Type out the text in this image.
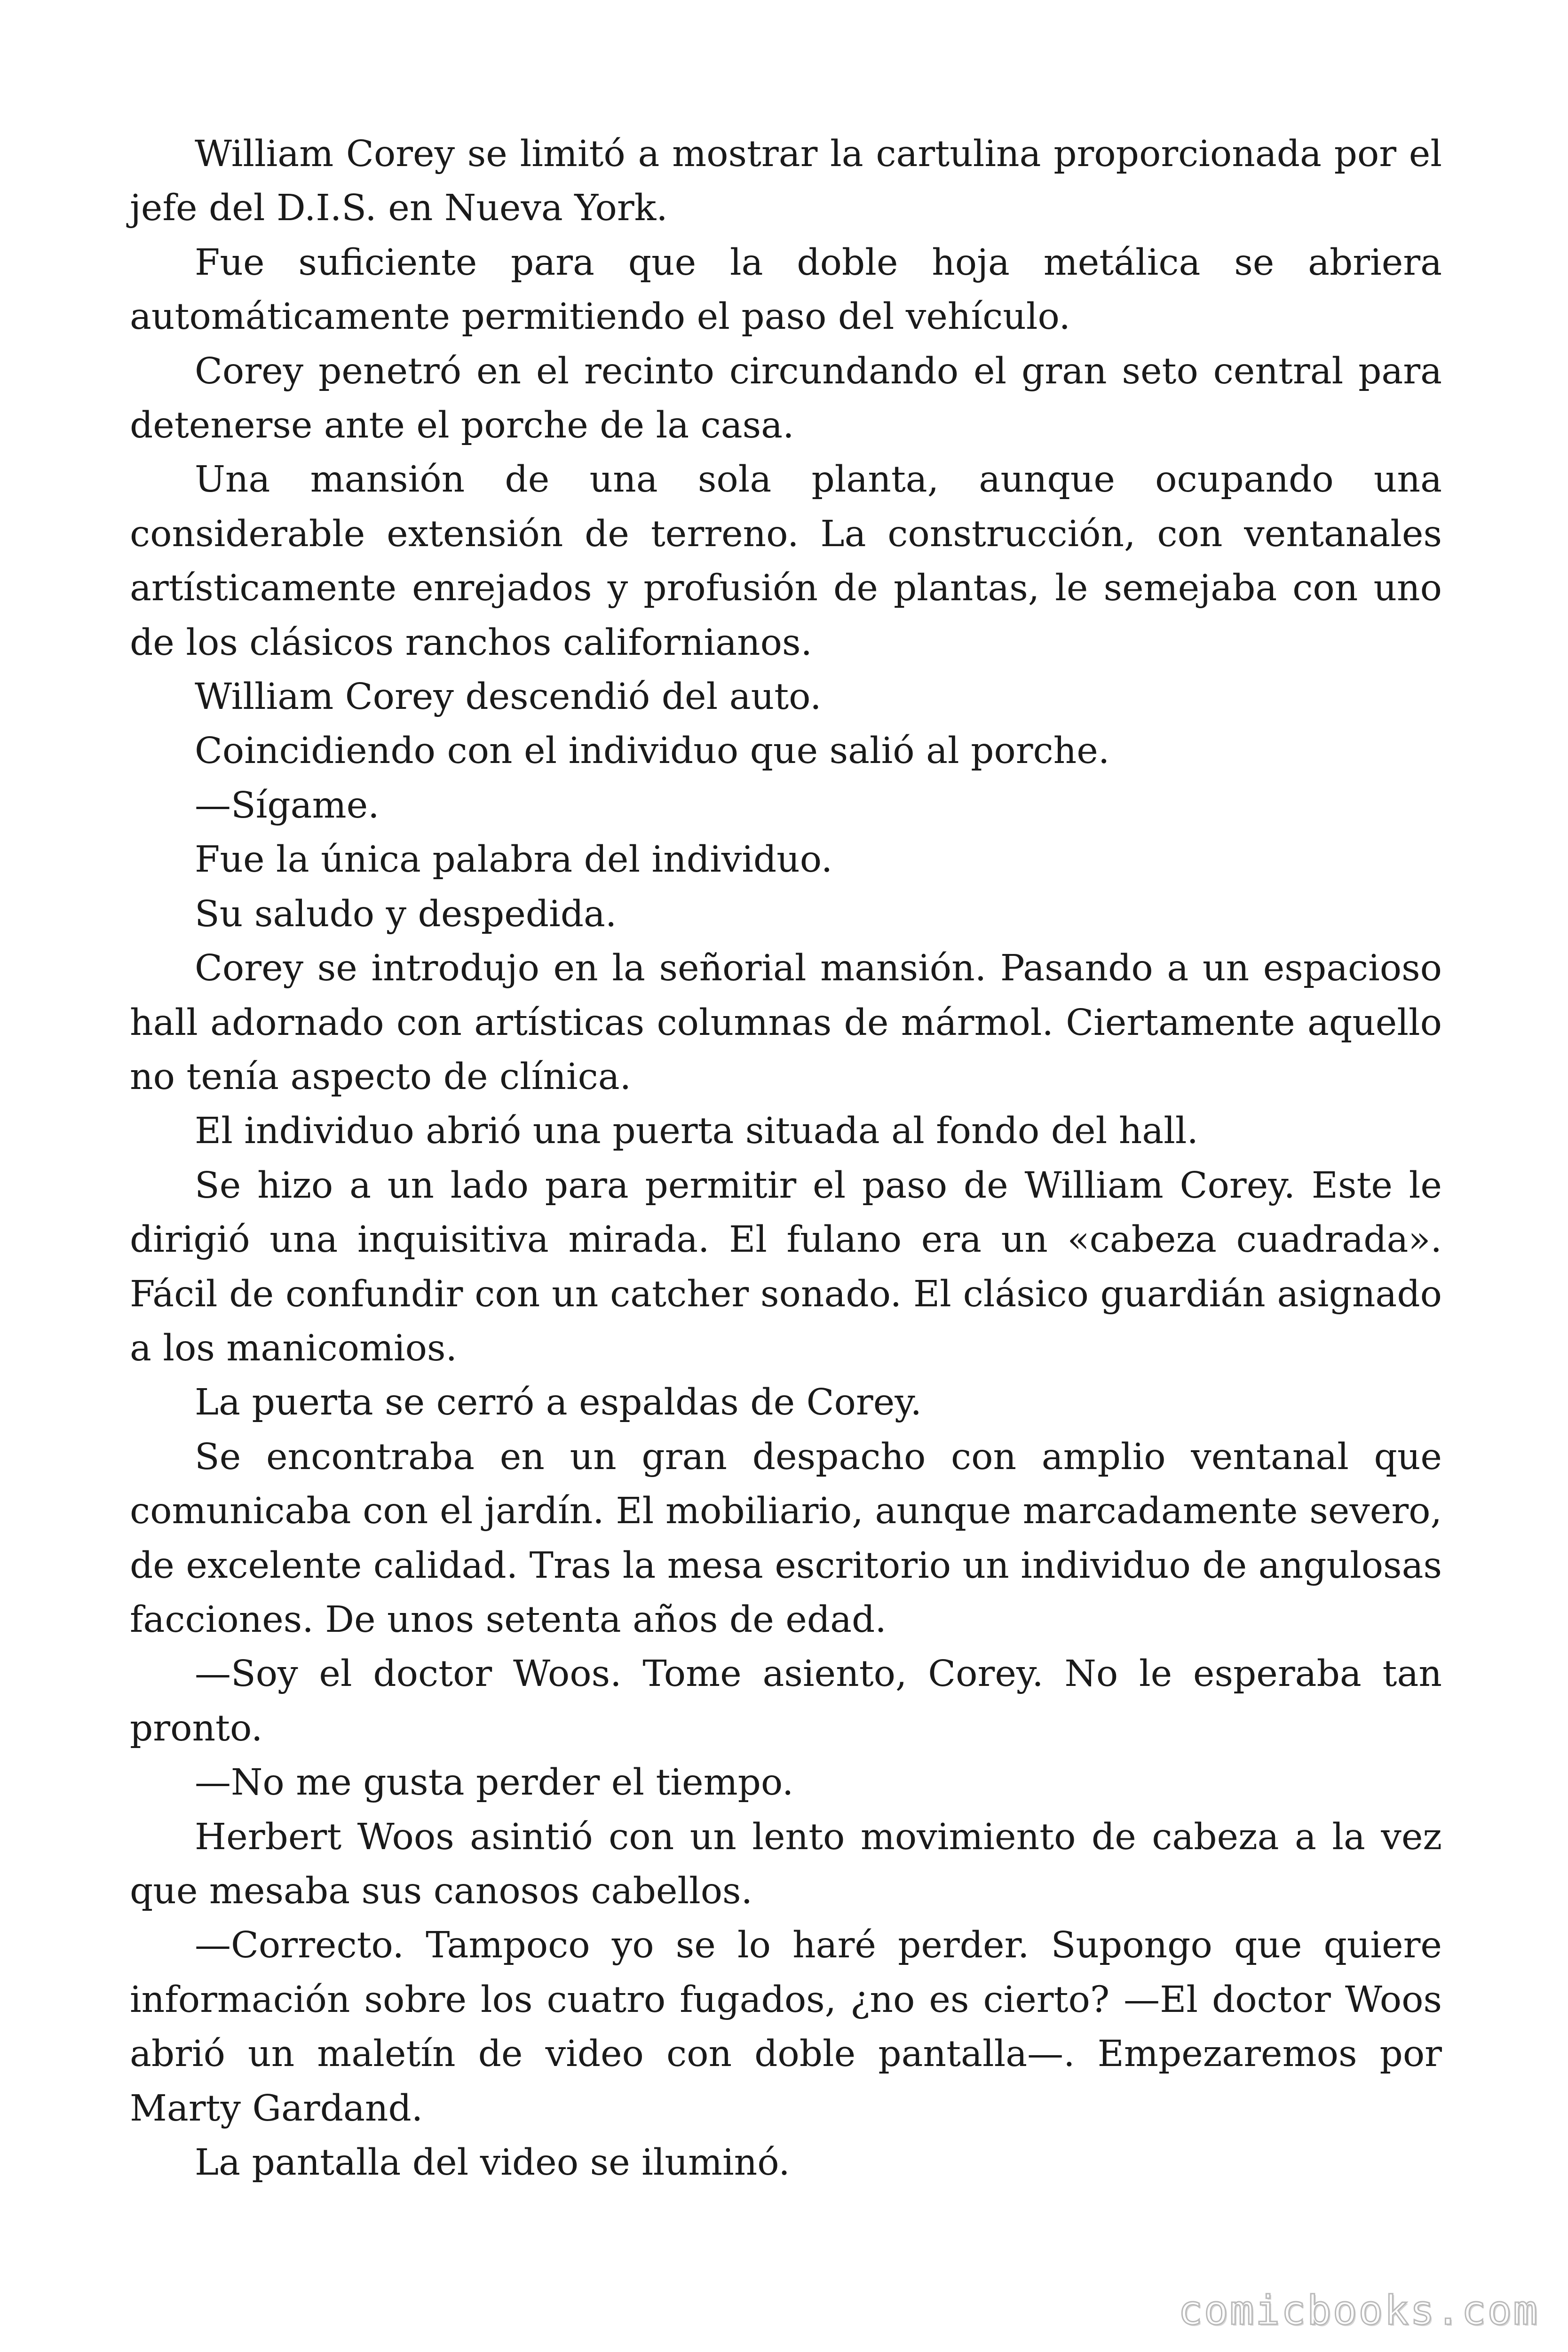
William Corey se limitó a mostrar la cartulina proporcionada por el jefe del D.I.S. en Nueva York.

Fue suficiente para que la doble hoja metálica se abriera automáticamente permitiendo el paso del vehículo.

Corey penetró en el recinto circundando el gran seto central para detenerse ante el porche de la casa.

Una mansión de una sola planta, aunque ocupando una considerable extensión de terreno. La construcción, con ventanales artísticamente enrejados y profusión de plantas, le semejaba con uno de los clásicos ranchos californianos.

William Corey descendió del auto.

Coincidiendo con el individuo que salió al porche.

—Sígame.

Fue la única palabra del individuo.

Su saludo y despedida.

Corey se introdujo en la señorial mansión. Pasando a un espacioso hall adornado con artísticas columnas de mármol. Ciertamente aquello no tenía aspecto de clínica.

El individuo abrió una puerta situada al fondo del hall.

Se hizo a un lado para permitir el paso de William Corey. Este le dirigió una inquisitiva mirada. El fulano era un «cabeza cuadrada». Fácil de confundir con un catcher sonado. El clásico guardián asignado a los manicomios.

La puerta se cerró a espaldas de Corey.

Se encontraba en un gran despacho con amplio ventanal que comunicaba con el jardín. El mobiliario, aunque marcadamente severo, de excelente calidad. Tras la mesa escritorio un individuo de angulosas facciones. De unos setenta años de edad.

—Soy el doctor Woos. Tome asiento, Corey. No le esperaba tan pronto.

—No me gusta perder el tiempo.

Herbert Woos asintió con un lento movimiento de cabeza a la vez que mesaba sus canosos cabellos.

—Correcto. Tampoco yo se lo haré perder. Supongo que quiere información sobre los cuatro fugados, ¿no es cierto? —El doctor Woos abrió un maletín de video con doble pantalla—. Empezaremos por Marty Gardand.

La pantalla del video se iluminó.

comicbooks.com
